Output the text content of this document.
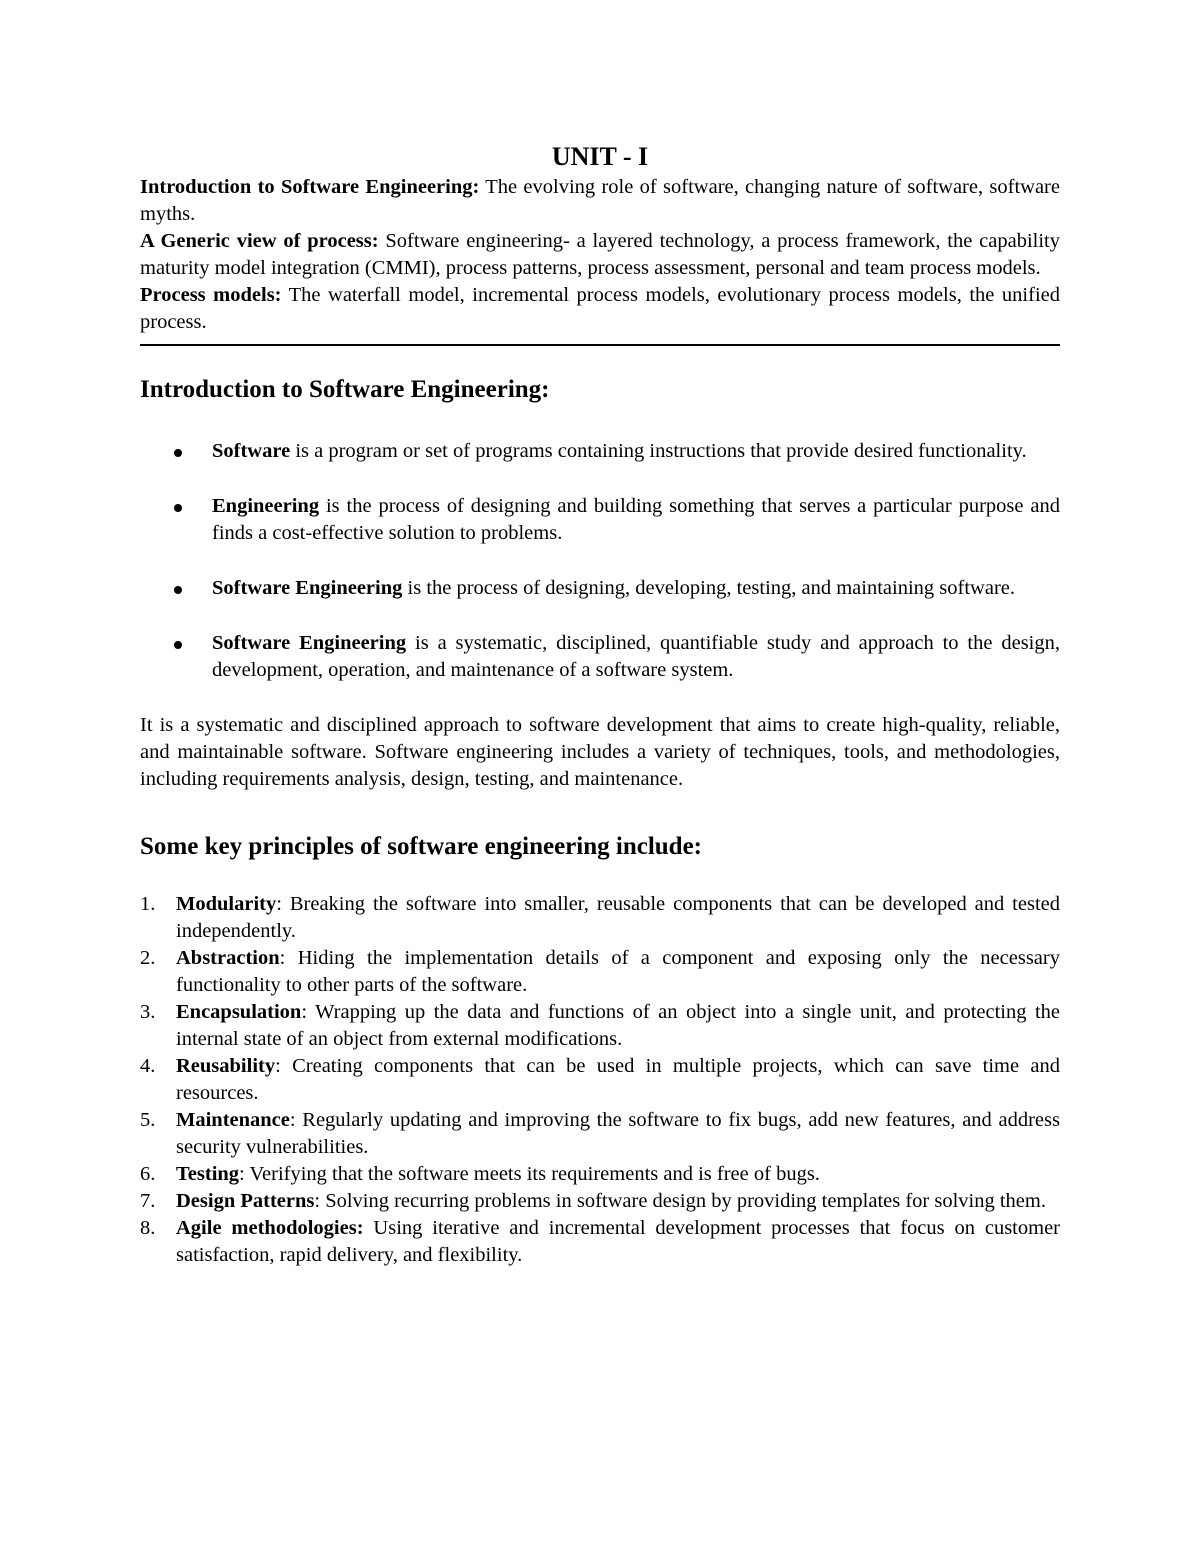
UNIT - I

Introduction to Software Engineering: The evolving role of software, changing nature of software, software myths.

A Generic view of process: Software engineering- a layered technology, a process framework, the capability maturity model integration (CMMI), process patterns, process assessment, personal and team process models.

Process models: The waterfall model, incremental process models, evolutionary process models, the unified process.

Introduction to Software Engineering:
Software is a program or set of programs containing instructions that provide desired functionality.
Engineering is the process of designing and building something that serves a particular purpose and finds a cost-effective solution to problems.
Software Engineering is the process of designing, developing, testing, and maintaining software.
Software Engineering is a systematic, disciplined, quantifiable study and approach to the design, development, operation, and maintenance of a software system.

It is a systematic and disciplined approach to software development that aims to create high-quality, reliable, and maintainable software. Software engineering includes a variety of techniques, tools, and methodologies, including requirements analysis, design, testing, and maintenance.

Some key principles of software engineering include:
1. Modularity: Breaking the software into smaller, reusable components that can be developed and tested independently.
2. Abstraction: Hiding the implementation details of a component and exposing only the necessary functionality to other parts of the software.
3. Encapsulation: Wrapping up the data and functions of an object into a single unit, and protecting the internal state of an object from external modifications.
4. Reusability: Creating components that can be used in multiple projects, which can save time and resources.
5. Maintenance: Regularly updating and improving the software to fix bugs, add new features, and address security vulnerabilities.
6. Testing: Verifying that the software meets its requirements and is free of bugs.
7. Design Patterns: Solving recurring problems in software design by providing templates for solving them.
8. Agile methodologies: Using iterative and incremental development processes that focus on customer satisfaction, rapid delivery, and flexibility.
